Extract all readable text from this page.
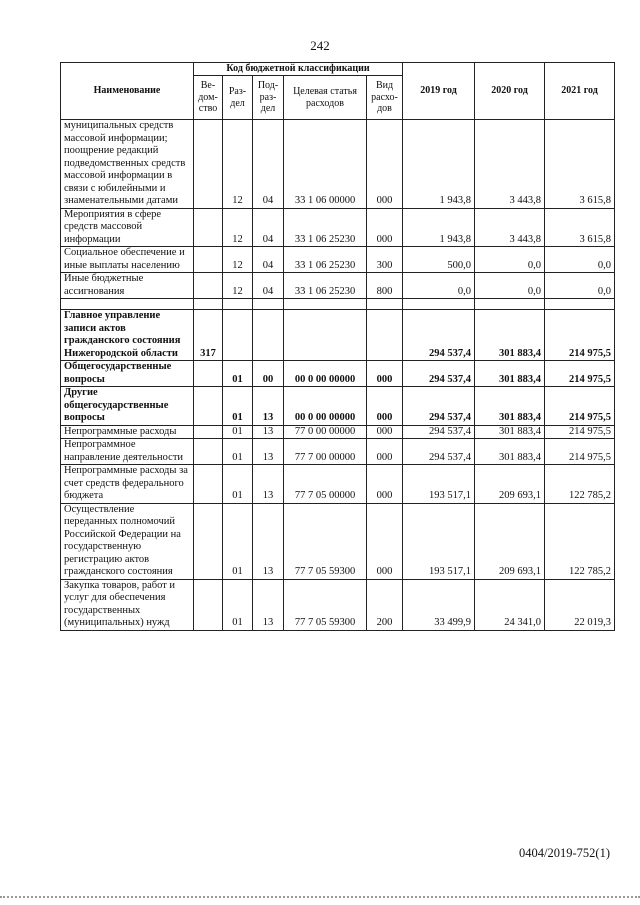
242
Наименование	Код бюджетной классификации					2019 год	2020 год	2021 год
	Ве-дом-ство	Раз-дел	Под-раз-дел	Целевая статья расходов	Вид расхо-дов			
муниципальных средств массовой информации; поощрение редакций подведомственных средств массовой информации в связи с юбилейными и знаменательными датами		12	04	33 1 06 00000	000	1 943,8	3 443,8	3 615,8
Мероприятия в сфере средств массовой информации		12	04	33 1 06 25230	000	1 943,8	3 443,8	3 615,8
Социальное обеспечение и иные выплаты населению		12	04	33 1 06 25230	300	500,0	0,0	0,0
Иные бюджетные ассигнования		12	04	33 1 06 25230	800	0,0	0,0	0,0

Главное управление записи актов гражданского состояния Нижегородской области	317					294 537,4	301 883,4	214 975,5
Общегосударственные вопросы		01	00	00 0 00 00000	000	294 537,4	301 883,4	214 975,5
Другие общегосударственные вопросы		01	13	00 0 00 00000	000	294 537,4	301 883,4	214 975,5
Непрограммные расходы		01	13	77 0 00 00000	000	294 537,4	301 883,4	214 975,5
Непрограммное направление деятельности		01	13	77 7 00 00000	000	294 537,4	301 883,4	214 975,5
Непрограммные расходы за счет средств федерального бюджета		01	13	77 7 05 00000	000	193 517,1	209 693,1	122 785,2
Осуществление переданных полномочий Российской Федерации на государственную регистрацию актов гражданского состояния		01	13	77 7 05 59300	000	193 517,1	209 693,1	122 785,2
Закупка товаров, работ и услуг для обеспечения государственных (муниципальных) нужд		01	13	77 7 05 59300	200	33 499,9	24 341,0	22 019,3
0404/2019-752(1)
